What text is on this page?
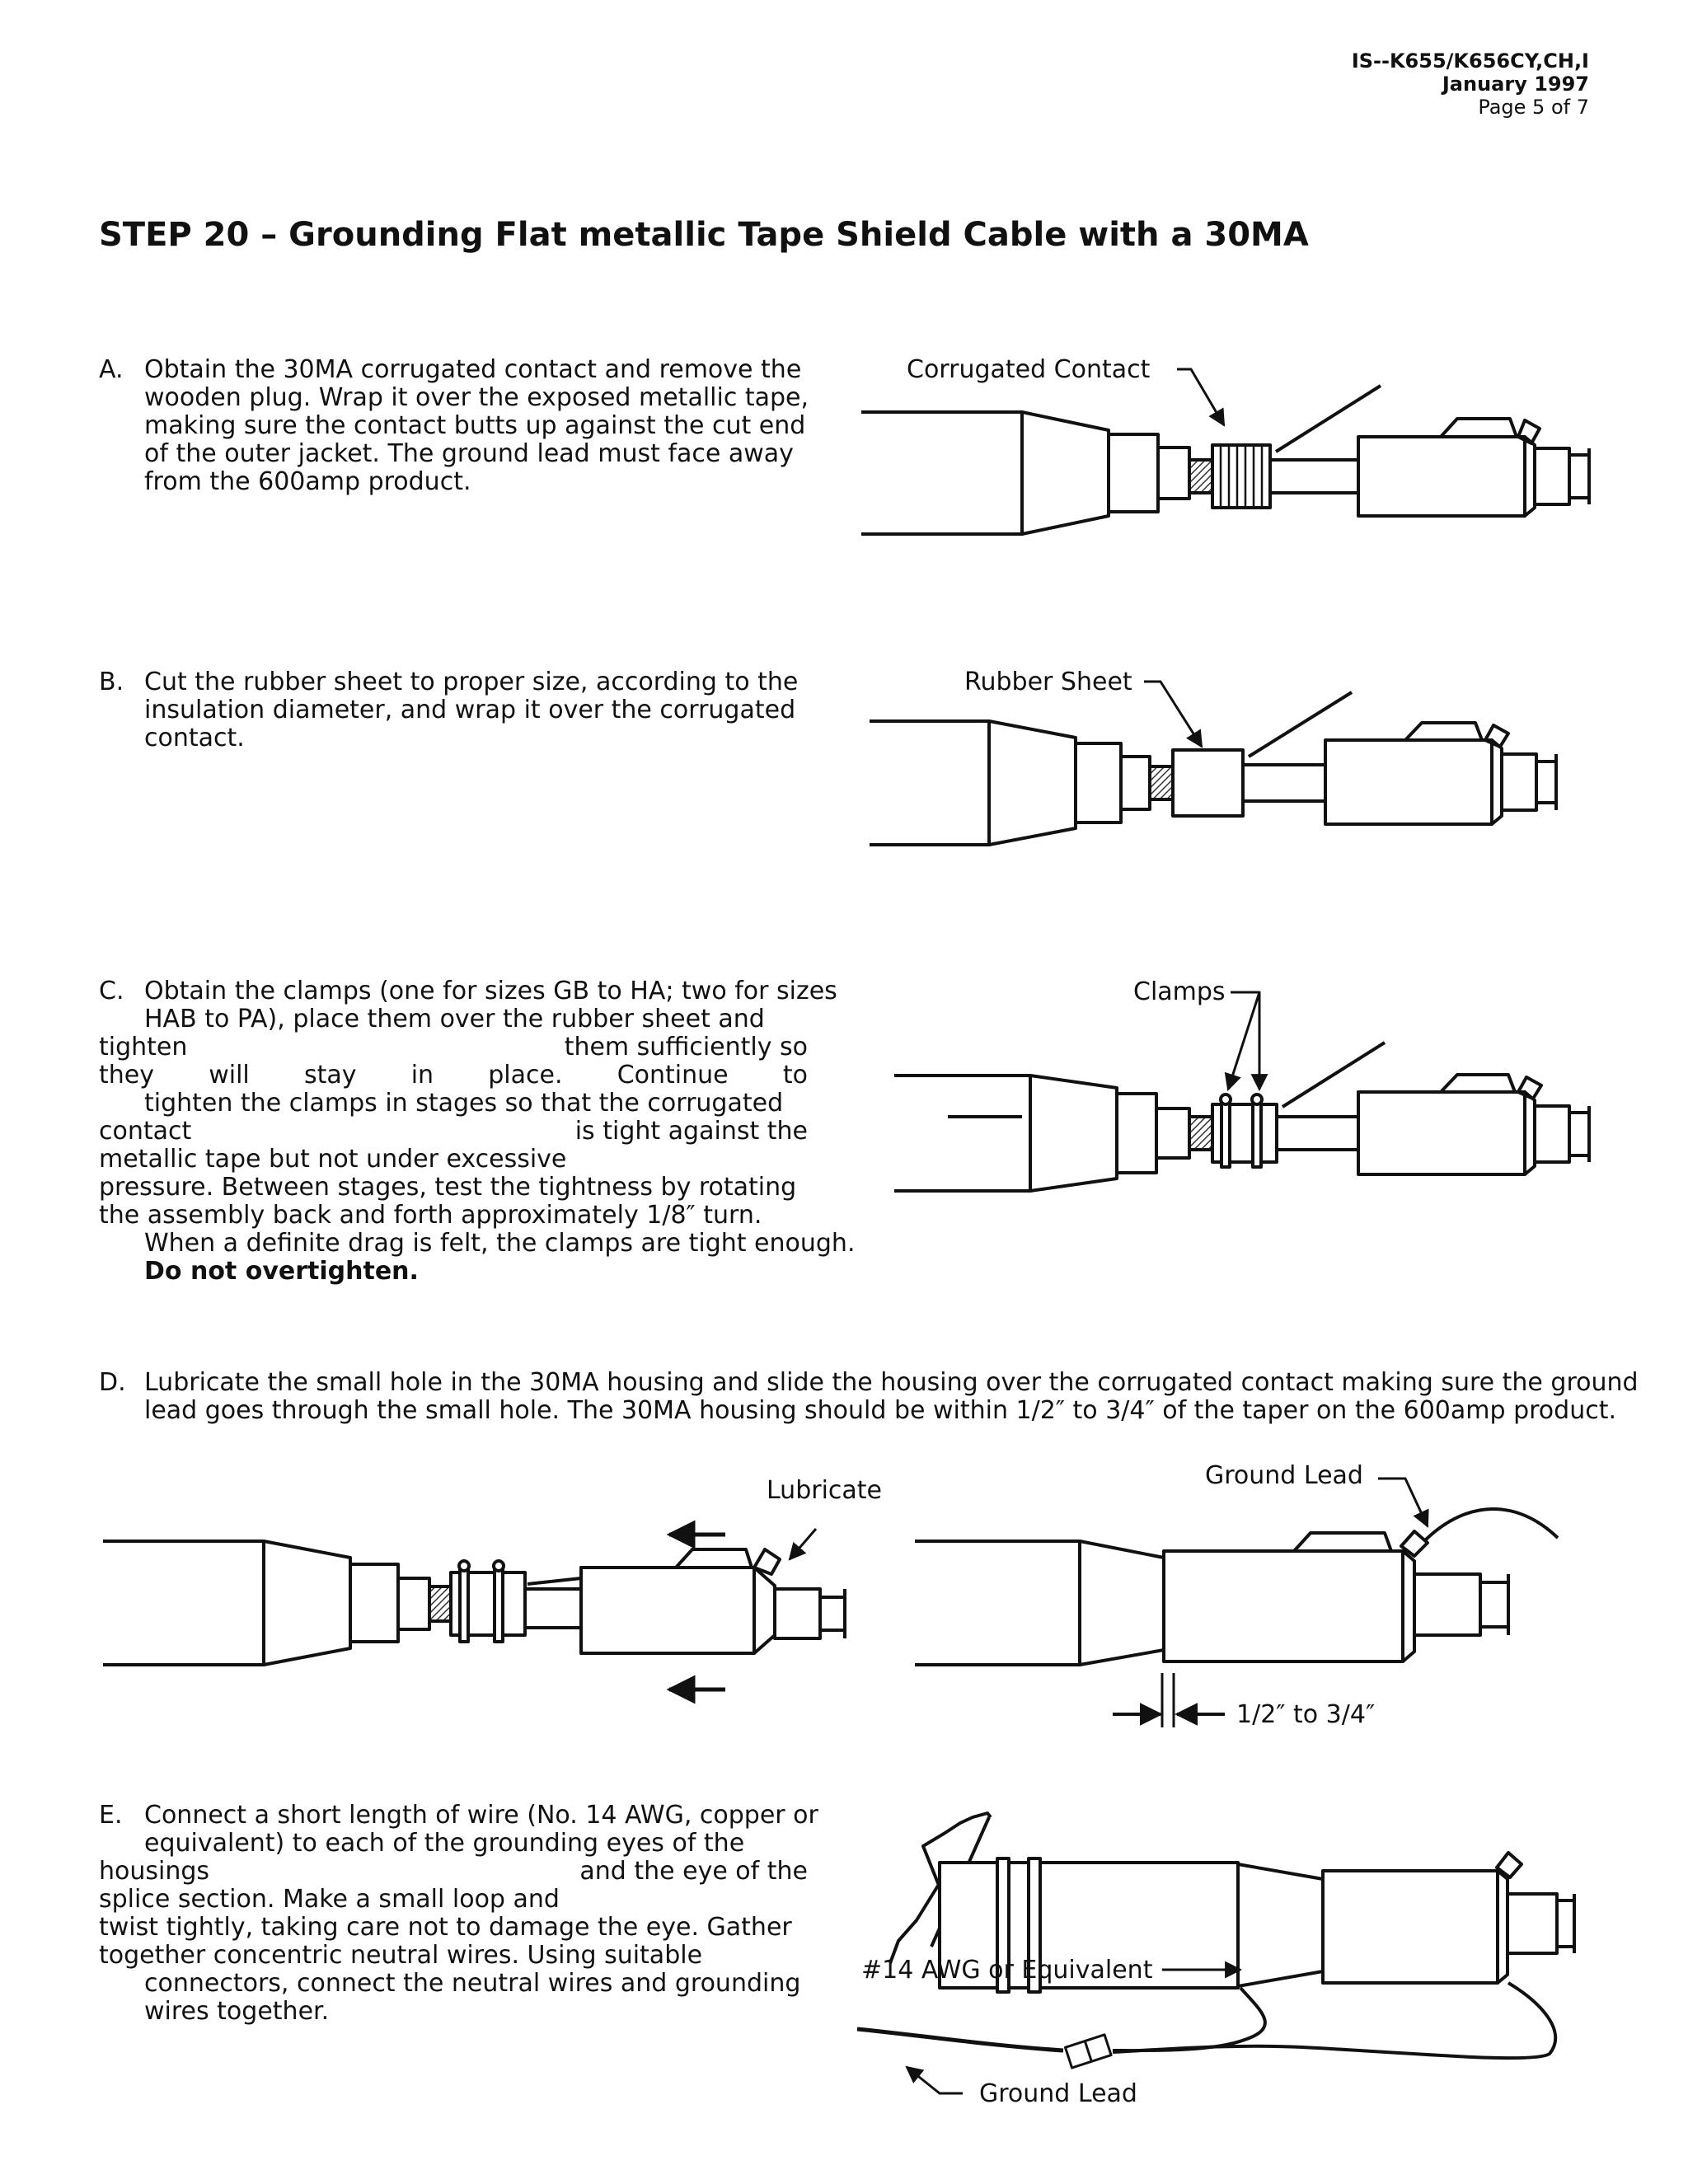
IS--K655/K656CY,CH,I
January 1997
Page 5 of 7
STEP 20 – Grounding Flat metallic Tape Shield Cable with a 30MA
A. Obtain the 30MA corrugated contact and remove the
wooden plug. Wrap it over the exposed metallic tape,
making sure the contact butts up against the cut end
of the outer jacket. The ground lead must face away
from the 600amp product.
B. Cut the rubber sheet to proper size, according to the
insulation diameter, and wrap it over the corrugated
contact.
C. Obtain the clamps (one for sizes GB to HA; two for sizes
HAB to PA), place them over the rubber sheet and
tighten	them sufficiently so
they will stay in place. Continue to
tighten the clamps in stages so that the corrugated
contact	is tight against the
metallic tape but not under excessive
pressure. Between stages, test the tightness by rotating
the assembly back and forth approximately 1/8″ turn.
When a definite drag is felt, the clamps are tight enough.
Do not overtighten.
D. Lubricate the small hole in the 30MA housing and slide the housing over the corrugated contact making sure the ground
lead goes through the small hole. The 30MA housing should be within 1/2″ to 3/4″ of the taper on the 600amp product.
E. Connect a short length of wire (No. 14 AWG, copper or
equivalent) to each of the grounding eyes of the
housings	and the eye of the
splice section. Make a small loop and
twist tightly, taking care not to damage the eye. Gather
together concentric neutral wires. Using suitable
connectors, connect the neutral wires and grounding
wires together.
Corrugated Contact
Rubber Sheet
Clamps
Lubricate
Ground Lead
1/2″ to 3/4″
#14 AWG or Equivalent
Ground Lead
